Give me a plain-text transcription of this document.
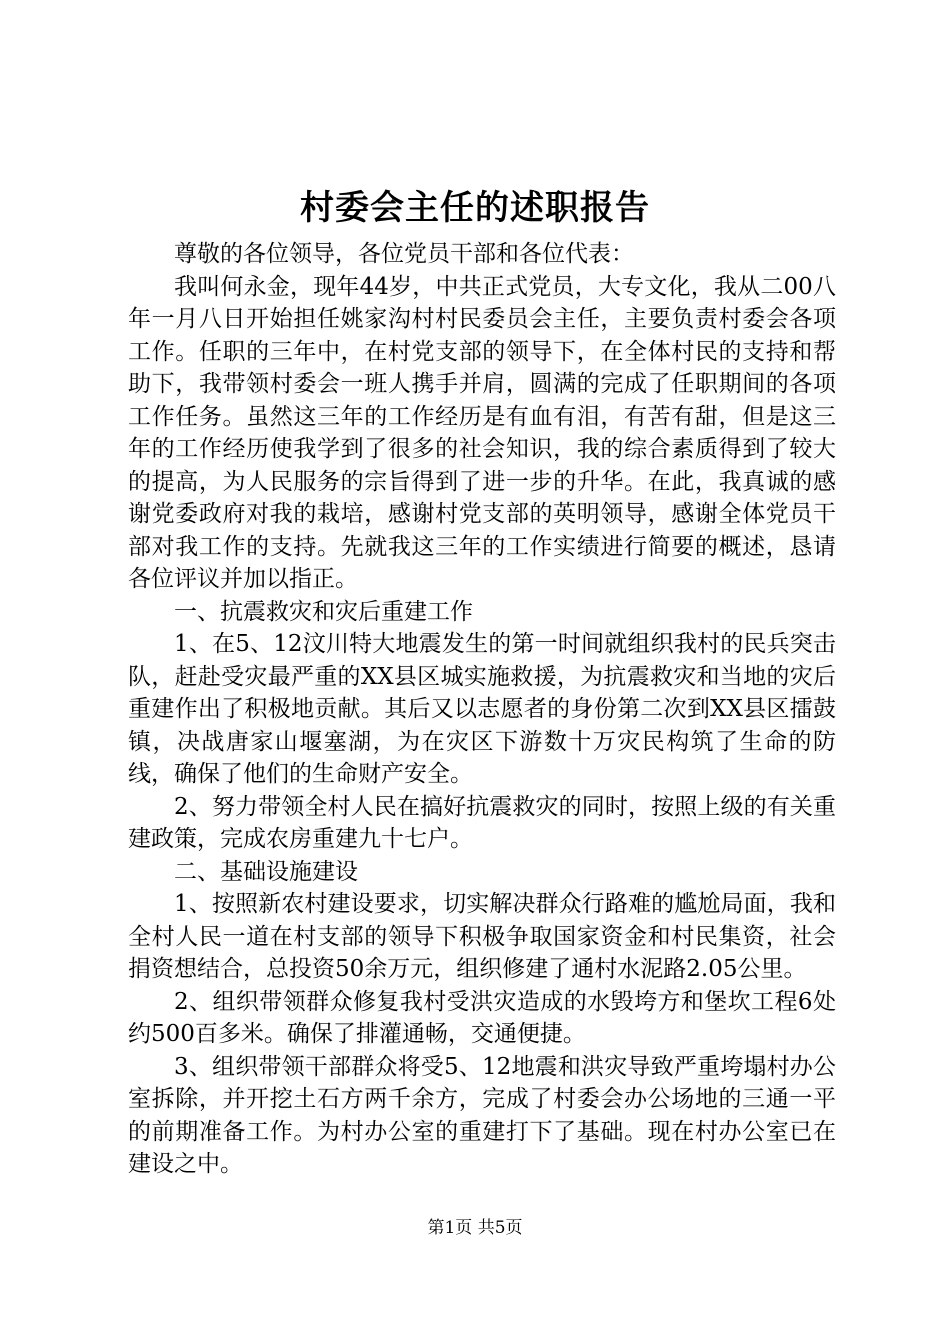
村委会主任的述职报告

尊敬的各位领导，各位党员干部和各位代表：

我叫何永金，现年44岁，中共正式党员，大专文化，我从二00八年一月八日开始担任姚家沟村村民委员会主任，主要负责村委会各项工作。任职的三年中，在村党支部的领导下，在全体村民的支持和帮助下，我带领村委会一班人携手并肩，圆满的完成了任职期间的各项工作任务。虽然这三年的工作经历是有血有泪，有苦有甜，但是这三年的工作经历使我学到了很多的社会知识，我的综合素质得到了较大的提高，为人民服务的宗旨得到了进一步的升华。在此，我真诚的感谢党委政府对我的栽培，感谢村党支部的英明领导，感谢全体党员干部对我工作的支持。先就我这三年的工作实绩进行简要的概述，恳请各位评议并加以指正。

一、抗震救灾和灾后重建工作

1、在5、12汶川特大地震发生的第一时间就组织我村的民兵突击队，赶赴受灾最严重的XX县区城实施救援，为抗震救灾和当地的灾后重建作出了积极地贡献。其后又以志愿者的身份第二次到XX县区擂鼓镇，决战唐家山堰塞湖，为在灾区下游数十万灾民构筑了生命的防线，确保了他们的生命财产安全。

2、努力带领全村人民在搞好抗震救灾的同时，按照上级的有关重建政策，完成农房重建九十七户。

二、基础设施建设

1、按照新农村建设要求，切实解决群众行路难的尴尬局面，我和全村人民一道在村支部的领导下积极争取国家资金和村民集资，社会捐资想结合，总投资50余万元，组织修建了通村水泥路2.05公里。

2、组织带领群众修复我村受洪灾造成的水毁垮方和堡坎工程6处约500百多米。确保了排灌通畅，交通便捷。

3、组织带领干部群众将受5、12地震和洪灾导致严重垮塌村办公室拆除，并开挖土石方两千余方，完成了村委会办公场地的三通一平的前期准备工作。为村办公室的重建打下了基础。现在村办公室已在建设之中。

第1页 共5页
